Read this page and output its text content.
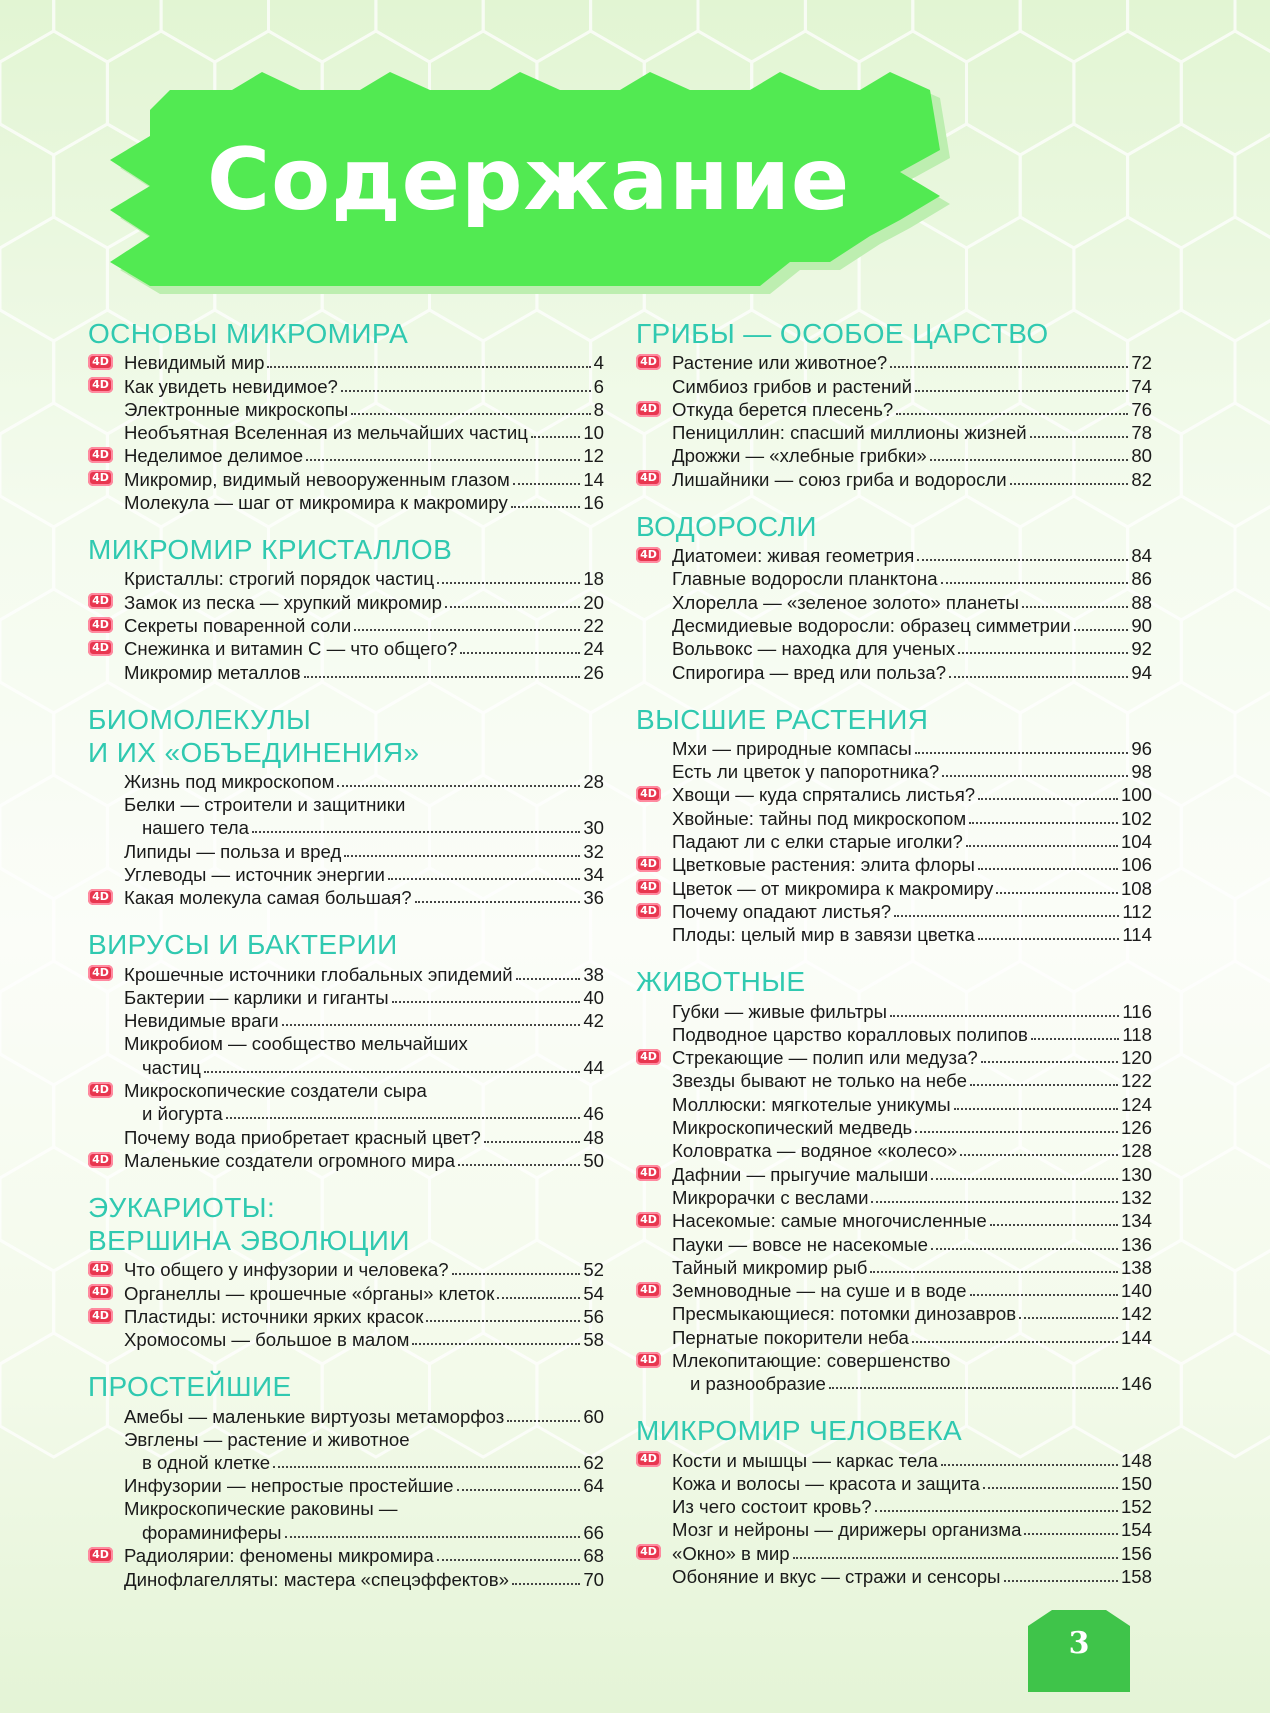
Содержание
ОСНОВЫ МИКРОМИРА
4D Невидимый мир	4
4D Как увидеть невидимое?	6
Электронные микроскопы	8
Необъятная Вселенная из мельчайших частиц	10
4D Неделимое делимое	12
4D Микромир, видимый невооруженным глазом	14
Молекула — шаг от микромира к макромиру	16
МИКРОМИР КРИСТАЛЛОВ
Кристаллы: строгий порядок частиц	18
4D Замок из песка — хрупкий микромир	20
4D Секреты поваренной соли	22
4D Снежинка и витамин С — что общего?	24
Микромир металлов	26
БИОМОЛЕКУЛЫ
И ИХ «ОБЪЕДИНЕНИЯ»
Жизнь под микроскопом	28
Белки — строители и защитники
нашего тела	30
Липиды — польза и вред	32
Углеводы — источник энергии	34
4D Какая молекула самая большая?	36
ВИРУСЫ И БАКТЕРИИ
4D Крошечные источники глобальных эпидемий	38
Бактерии — карлики и гиганты	40
Невидимые враги	42
Микробиом — сообщество мельчайших
частиц	44
4D Микроскопические создатели сыра
и йогурта	46
Почему вода приобретает красный цвет?	48
4D Маленькие создатели огромного мира	50
ЭУКАРИОТЫ:
ВЕРШИНА ЭВОЛЮЦИИ
4D Что общего у инфузории и человека?	52
4D Органеллы — крошечные «óрганы» клеток	54
4D Пластиды: источники ярких красок	56
Хромосомы — большое в малом	58
ПРОСТЕЙШИЕ
Амебы — маленькие виртуозы метаморфоз	60
Эвглены — растение и животное
в одной клетке	62
Инфузории — непростые простейшие	64
Микроскопические раковины —
фораминиферы	66
4D Радиолярии: феномены микромира	68
Динофлагелляты: мастера «спецэффектов»	70
ГРИБЫ — ОСОБОЕ ЦАРСТВО
4D Растение или животное?	72
Симбиоз грибов и растений	74
4D Откуда берется плесень?	76
Пенициллин: спасший миллионы жизней	78
Дрожжи — «хлебные грибки»	80
4D Лишайники — союз гриба и водоросли	82
ВОДОРОСЛИ
4D Диатомеи: живая геометрия	84
Главные водоросли планктона	86
Хлорелла — «зеленое золото» планеты	88
Десмидиевые водоросли: образец симметрии	90
Вольвокс — находка для ученых	92
Спирогира — вред или польза?	94
ВЫСШИЕ РАСТЕНИЯ
Мхи — природные компасы	96
Есть ли цветок у папоротника?	98
4D Хвощи — куда спрятались листья?	100
Хвойные: тайны под микроскопом	102
Падают ли с елки старые иголки?	104
4D Цветковые растения: элита флоры	106
4D Цветок — от микромира к макромиру	108
4D Почему опадают листья?	112
Плоды: целый мир в завязи цветка	114
ЖИВОТНЫЕ
Губки — живые фильтры	116
Подводное царство коралловых полипов	118
4D Стрекающие — полип или медуза?	120
Звезды бывают не только на небе	122
Моллюски: мягкотелые уникумы	124
Микроскопический медведь	126
Коловратка — водяное «колесо»	128
4D Дафнии — прыгучие малыши	130
Микрорачки с веслами	132
4D Насекомые: самые многочисленные	134
Пауки — вовсе не насекомые	136
Тайный микромир рыб	138
4D Земноводные — на суше и в воде	140
Пресмыкающиеся: потомки динозавров	142
Пернатые покорители неба	144
4D Млекопитающие: совершенство
и разнообразие	146
МИКРОМИР ЧЕЛОВЕКА
4D Кости и мышцы — каркас тела	148
Кожа и волосы — красота и защита	150
Из чего состоит кровь?	152
Мозг и нейроны — дирижеры организма	154
4D «Окно» в мир	156
Обоняние и вкус — стражи и сенсоры	158
3
